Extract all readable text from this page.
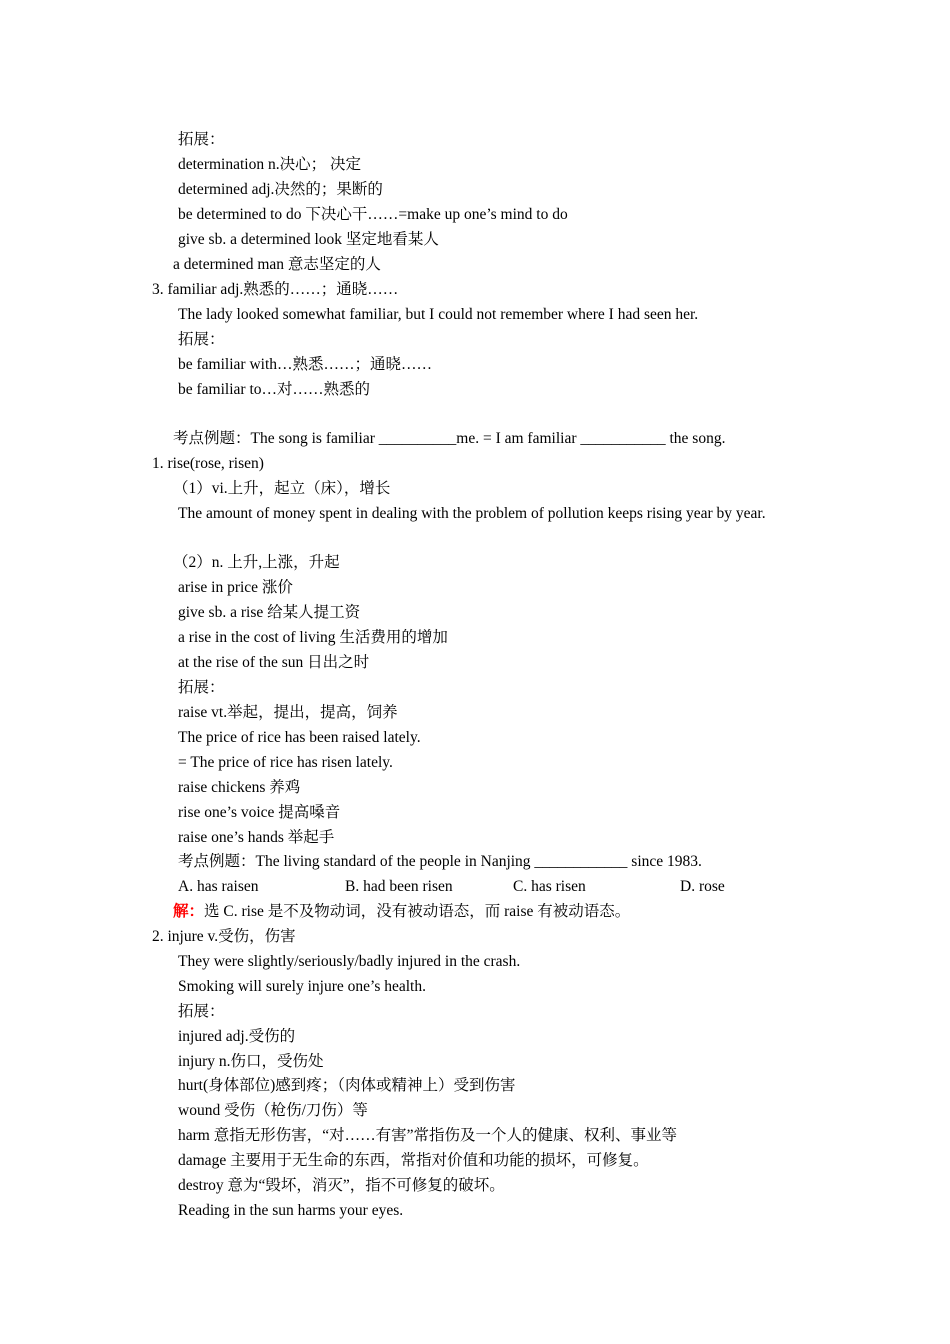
拓展：
determination n.决心； 决定
determined adj.决然的；果断的
be determined to do 下决心干……=make up one’s mind to do
give sb. a determined look 坚定地看某人
a determined man 意志坚定的人
3. familiar adj.熟悉的……；通晓……
The lady looked somewhat familiar, but I could not remember where I had seen her.
拓展：
be familiar with…熟悉……；通晓……
be familiar to…对……熟悉的
考点例题：The song is familiar __________me. = I am familiar ___________ the song.
1. rise(rose, risen)
（1）vi.上升，起立（床），增长
The amount of money spent in dealing with the problem of pollution keeps rising year by year.
（2）n. 上升,上涨，升起
arise in price 涨价
give sb. a rise 给某人提工资
a rise in the cost of living 生活费用的增加
at the rise of the sun 日出之时
拓展：
raise vt.举起，提出，提高，饲养
The price of rice has been raised lately.
= The price of rice has risen lately.
raise chickens 养鸡
rise one’s voice 提高嗓音
raise one’s hands 举起手
考点例题：The living standard of the people in Nanjing ____________ since 1983.
A. has raisen	B. had been risen	C. has risen	D. rose
解：选 C. rise 是不及物动词，没有被动语态，而 raise 有被动语态。
2. injure v.受伤，伤害
They were slightly/seriously/badly injured in the crash.
Smoking will surely injure one’s health.
拓展：
injured adj.受伤的
injury n.伤口，受伤处
hurt(身体部位)感到疼；（肉体或精神上）受到伤害
wound 受伤（枪伤/刀伤）等
harm 意指无形伤害，“对……有害”常指伤及一个人的健康、权利、事业等
damage 主要用于无生命的东西，常指对价值和功能的损坏，可修复。
destroy 意为“毁坏，消灭”，指不可修复的破坏。
Reading in the sun harms your eyes.
